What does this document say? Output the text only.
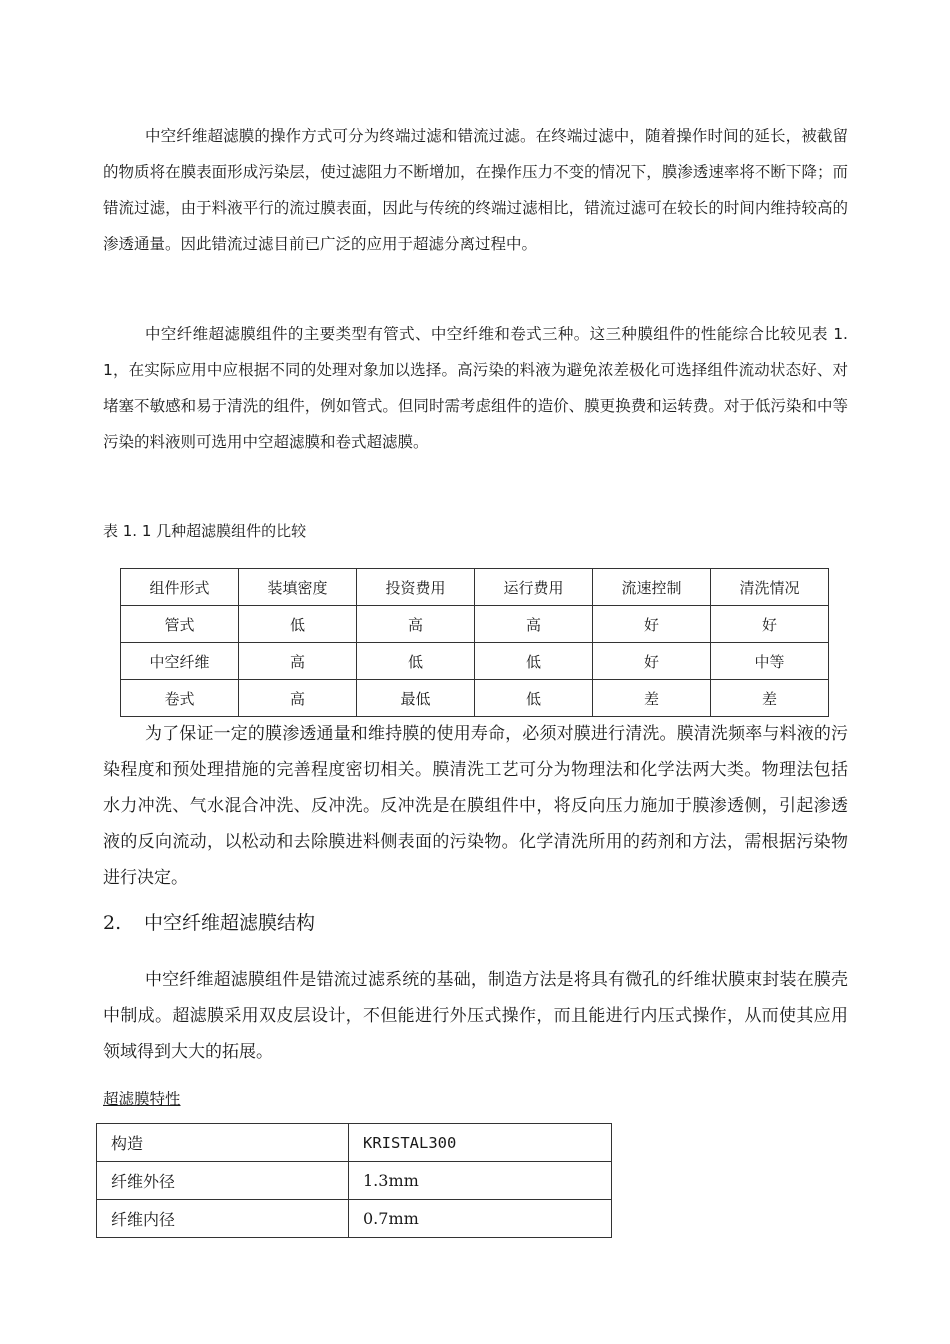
中空纤维超滤膜的操作方式可分为终端过滤和错流过滤。在终端过滤中，随着操作时间的延长，被截留的物质将在膜表面形成污染层，使过滤阻力不断增加，在操作压力不变的情况下，膜渗透速率将不断下降；而错流过滤，由于料液平行的流过膜表面，因此与传统的终端过滤相比，错流过滤可在较长的时间内维持较高的渗透通量。因此错流过滤目前已广泛的应用于超滤分离过程中。

中空纤维超滤膜组件的主要类型有管式、中空纤维和卷式三种。这三种膜组件的性能综合比较见表 1. 1，在实际应用中应根据不同的处理对象加以选择。高污染的料液为避免浓差极化可选择组件流动状态好、对堵塞不敏感和易于清洗的组件，例如管式。但同时需考虑组件的造价、膜更换费和运转费。对于低污染和中等污染的料液则可选用中空超滤膜和卷式超滤膜。

表 1. 1 几种超滤膜组件的比较
组件形式	装填密度	投资费用	运行费用	流速控制	清洗情况
管式	低	高	高	好	好
中空纤维	高	低	低	好	中等
卷式	高	最低	低	差	差

为了保证一定的膜渗透通量和维持膜的使用寿命，必须对膜进行清洗。膜清洗频率与料液的污染程度和预处理措施的完善程度密切相关。膜清洗工艺可分为物理法和化学法两大类。物理法包括水力冲洗、气水混合冲洗、反冲洗。反冲洗是在膜组件中，将反向压力施加于膜渗透侧，引起渗透液的反向流动，以松动和去除膜进料侧表面的污染物。化学清洗所用的药剂和方法，需根据污染物进行决定。

2. 中空纤维超滤膜结构

中空纤维超滤膜组件是错流过滤系统的基础，制造方法是将具有微孔的纤维状膜束封装在膜壳中制成。超滤膜采用双皮层设计，不但能进行外压式操作，而且能进行内压式操作，从而使其应用领域得到大大的拓展。

超滤膜特性
构造	KRISTAL300
纤维外径	1.3mm
纤维内径	0.7mm
